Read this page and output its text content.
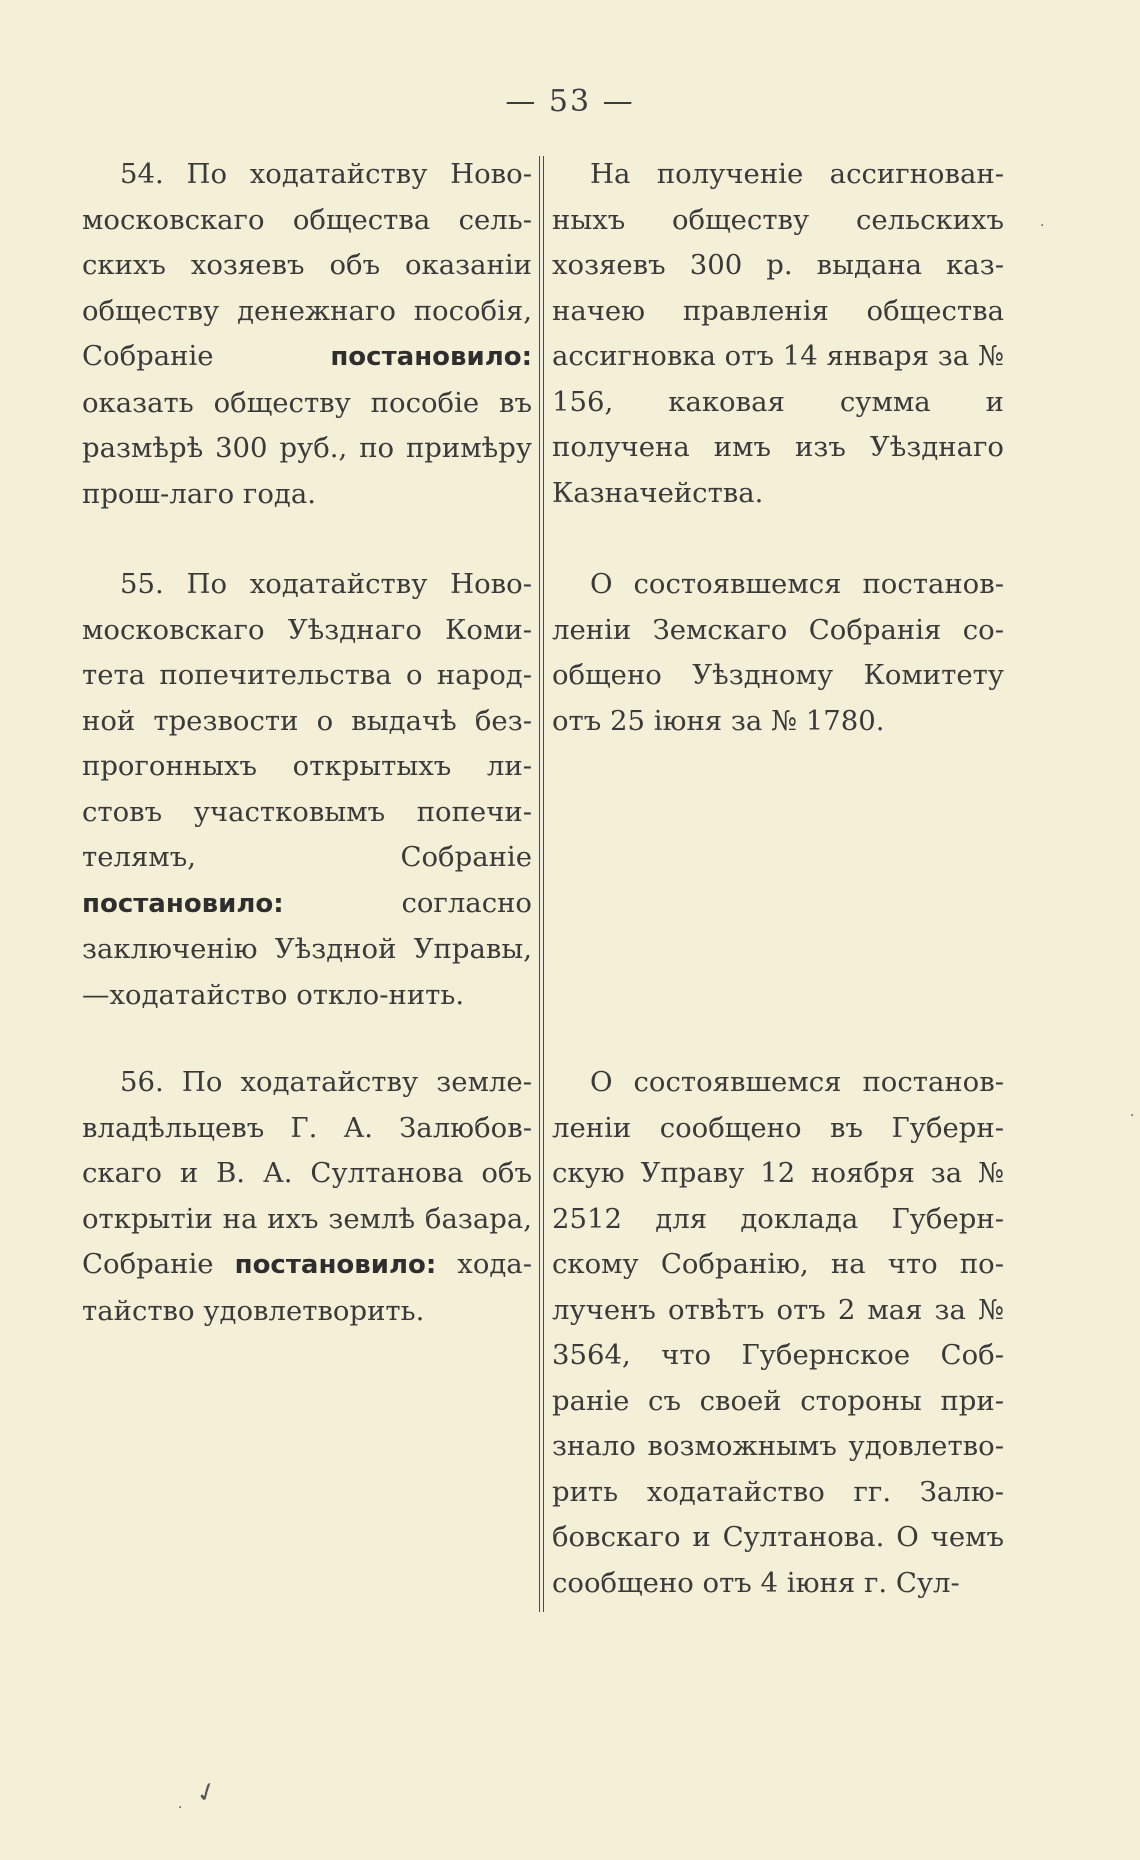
— 53 —

54. По ходатайству Ново-московскаго общества сель-скихъ хозяевъ объ оказаніи обществу денежнаго пособія, Собраніе постановило: оказать обществу пособіе въ размѣрѣ 300 руб., по примѣру прош-лаго года.

55. По ходатайству Ново-московскаго Уѣзднаго Коми-тета попечительства о народ-ной трезвости о выдачѣ без-прогонныхъ открытыхъ ли-стовъ участковымъ попечи-телямъ, Собраніе постановило: согласно заключенію Уѣздной Управы,—ходатайство откло-нить.

56. По ходатайству земле-владѣльцевъ Г. А. Залюбов-скаго и В. А. Султанова объ открытіи на ихъ землѣ базара, Собраніе постановило: хода-тайство удовлетворить.

На полученіе ассигнован-ныхъ обществу сельскихъ хозяевъ 300 р. выдана каз-начею правленія общества ассигновка отъ 14 января за № 156, каковая сумма и получена имъ изъ Уѣзднаго Казначейства.

О состоявшемся постанов-леніи Земскаго Собранія со-общено Уѣздному Комитету отъ 25 іюня за № 1780.

О состоявшемся постанов-леніи сообщено въ Губерн-скую Управу 12 ноября за № 2512 для доклада Губерн-скому Собранію, на что по-лученъ отвѣтъ отъ 2 мая за № 3564, что Губернское Соб-раніе съ своей стороны при-знало возможнымъ удовлетво-рить ходатайство гг. Залю-бовскаго и Султанова. О чемъ сообщено отъ 4 іюня г. Сул-

✓
·
·
·
